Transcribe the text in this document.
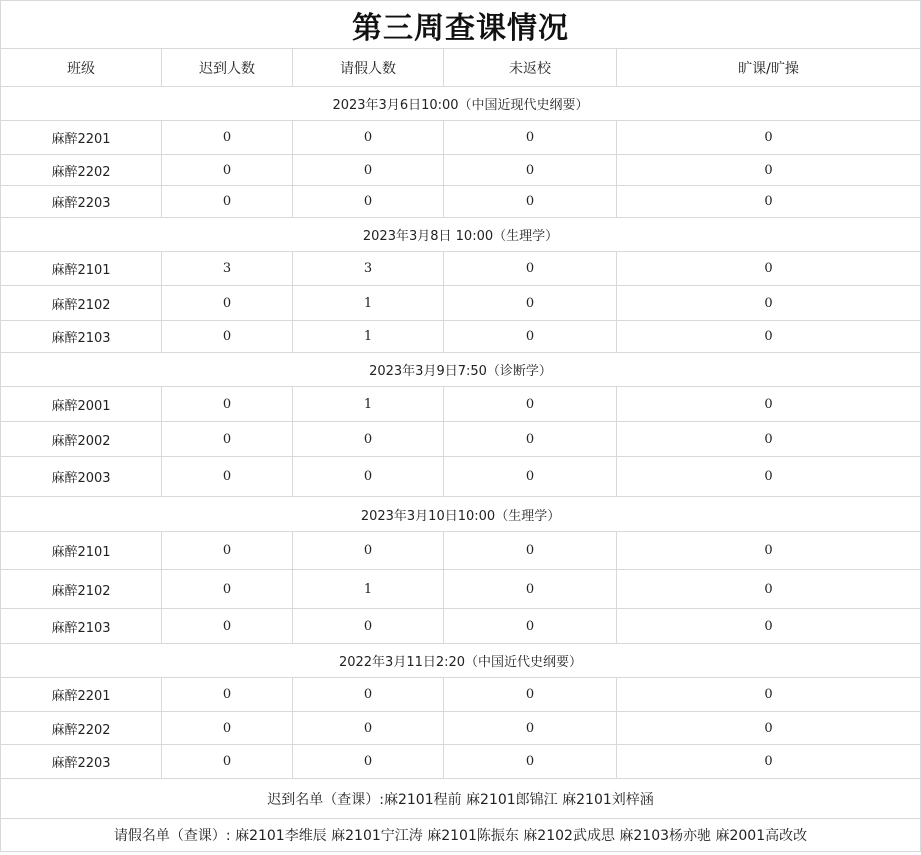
第三周查课情况				
班级	迟到人数	请假人数	未返校	旷课/旷操
2023年3月6日10:00（中国近现代史纲要）				
麻醉2201	0	0	0	0
麻醉2202	0	0	0	0
麻醉2203	0	0	0	0
2023年3月8日 10:00（生理学）				
麻醉2101	3	3	0	0
麻醉2102	0	1	0	0
麻醉2103	0	1	0	0
2023年3月9日7:50（诊断学）				
麻醉2001	0	1	0	0
麻醉2002	0	0	0	0
麻醉2003	0	0	0	0
2023年3月10日10:00（生理学）				
麻醉2101	0	0	0	0
麻醉2102	0	1	0	0
麻醉2103	0	0	0	0
2022年3月11日2:20（中国近代史纲要）				
麻醉2201	0	0	0	0
麻醉2202	0	0	0	0
麻醉2203	0	0	0	0
迟到名单（查课）:麻2101程前 麻2101郎锦江 麻2101刘梓涵				
请假名单（查课）: 麻2101李维辰 麻2101宁江涛 麻2101陈振东 麻2102武成思 麻2103杨亦驰 麻2001高改改				
